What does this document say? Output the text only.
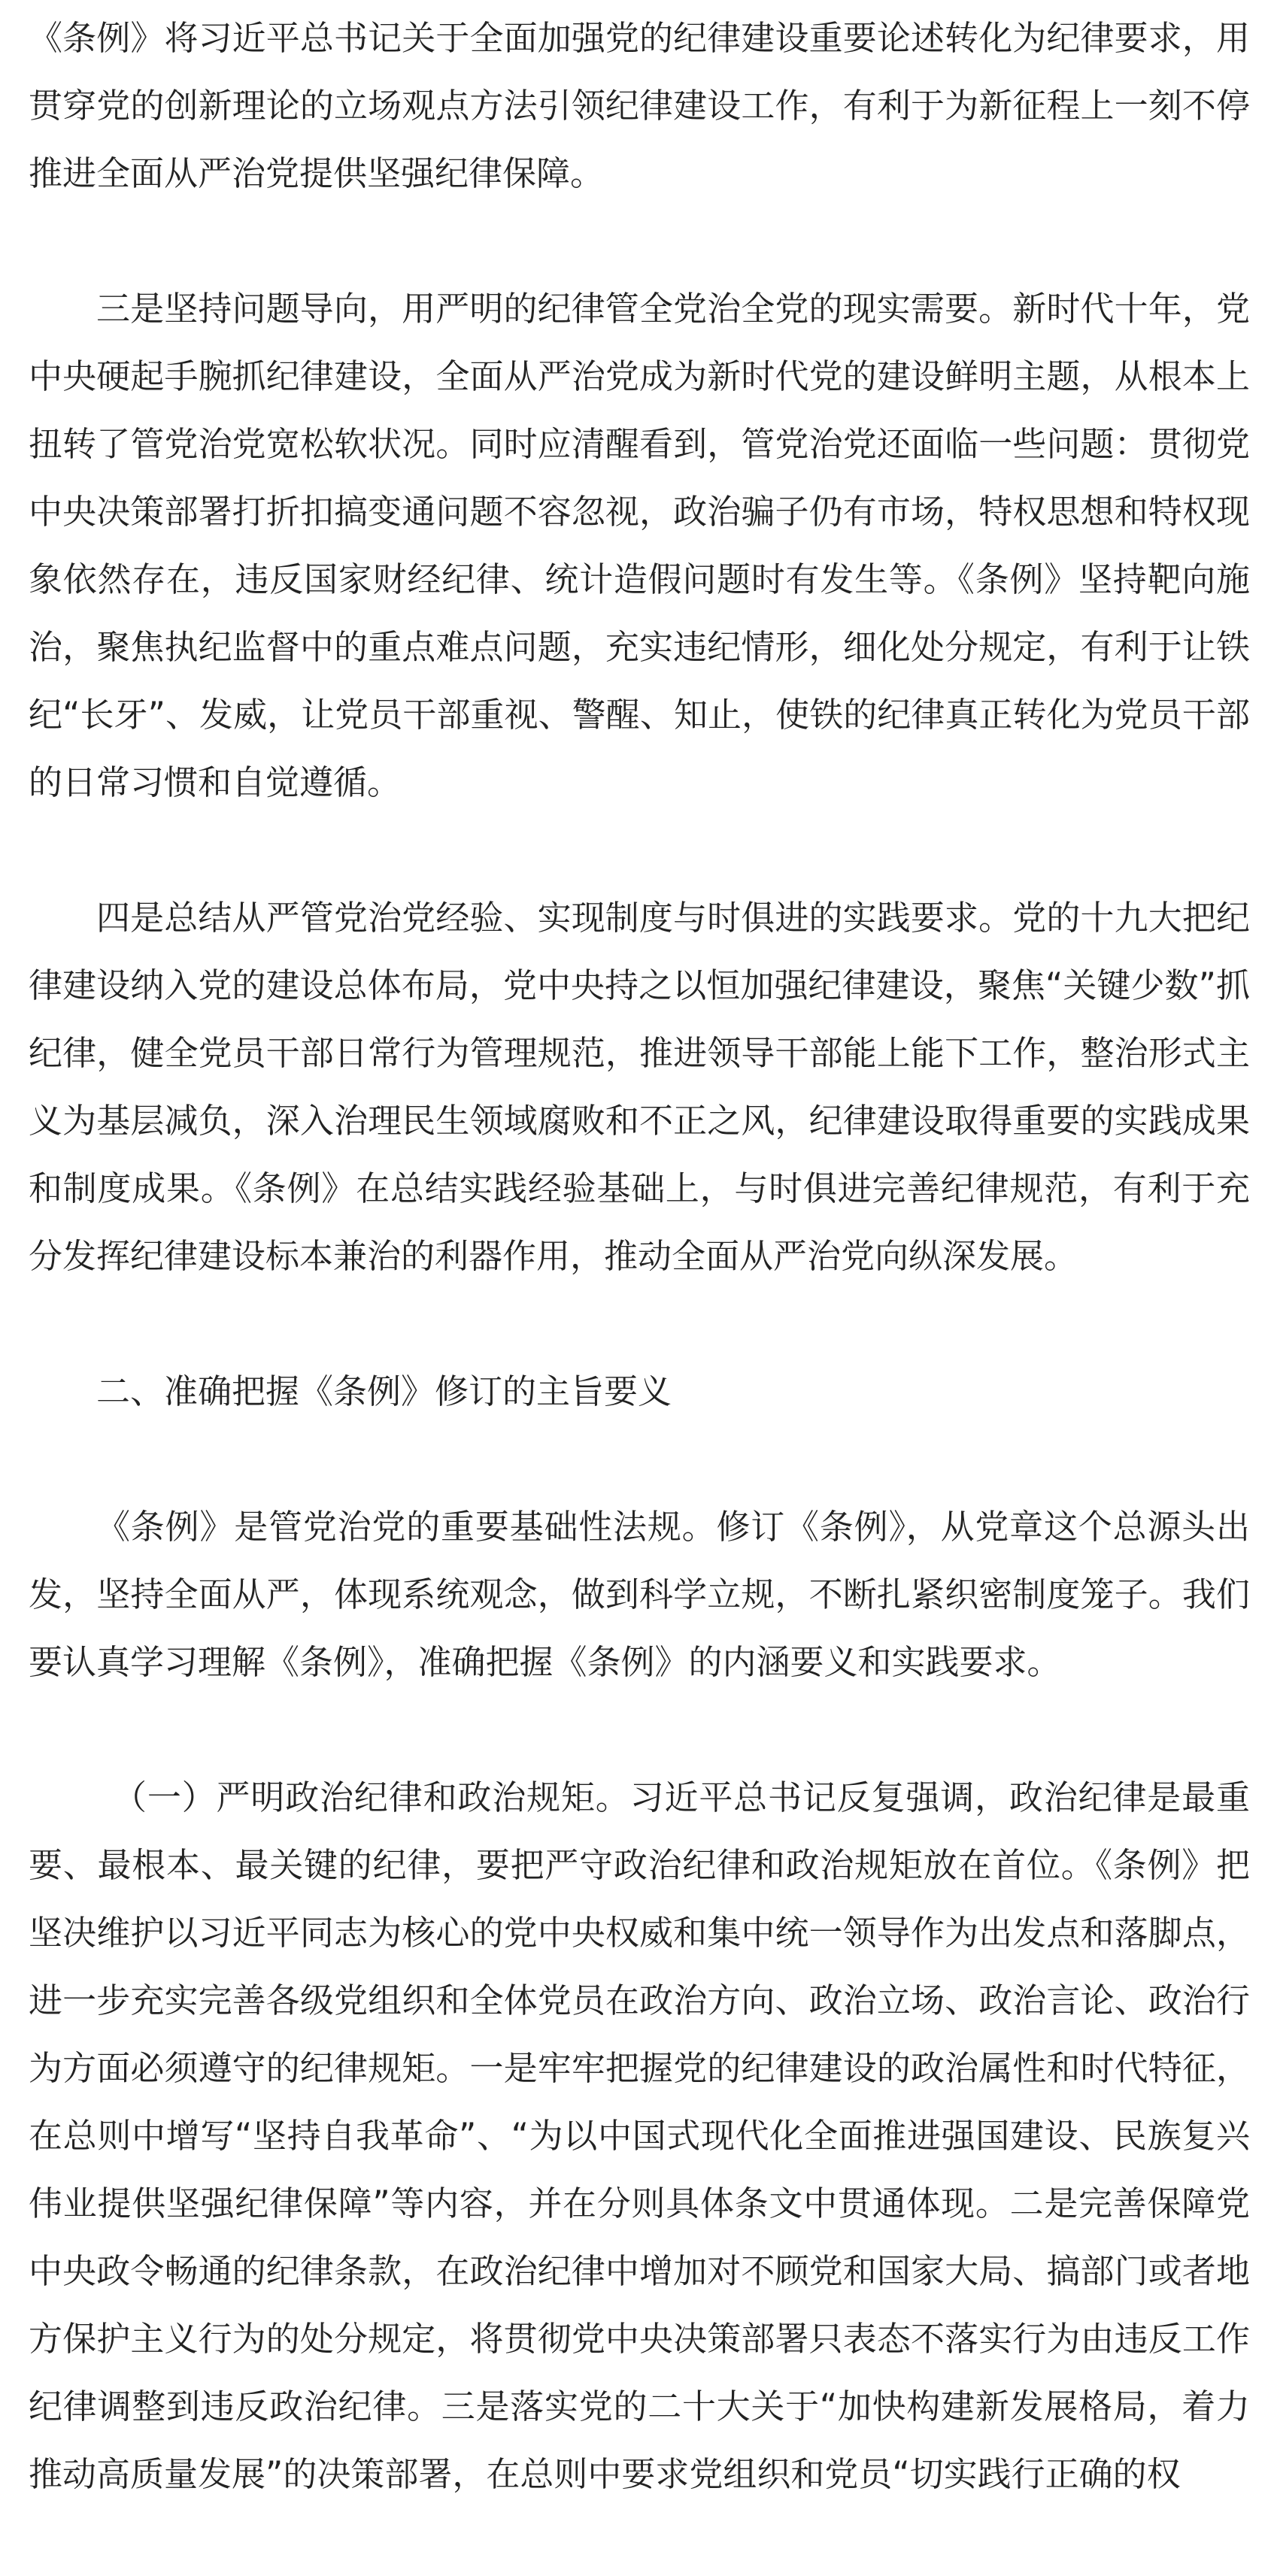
《条例》将习近平总书记关于全面加强党的纪律建设重要论述转化为纪律要求，用贯穿党的创新理论的立场观点方法引领纪律建设工作，有利于为新征程上一刻不停推进全面从严治党提供坚强纪律保障。

三是坚持问题导向，用严明的纪律管全党治全党的现实需要。新时代十年，党中央硬起手腕抓纪律建设，全面从严治党成为新时代党的建设鲜明主题，从根本上扭转了管党治党宽松软状况。同时应清醒看到，管党治党还面临一些问题：贯彻党中央决策部署打折扣搞变通问题不容忽视，政治骗子仍有市场，特权思想和特权现象依然存在，违反国家财经纪律、统计造假问题时有发生等。《条例》坚持靶向施治，聚焦执纪监督中的重点难点问题，充实违纪情形，细化处分规定，有利于让铁纪“长牙”、发威，让党员干部重视、警醒、知止，使铁的纪律真正转化为党员干部的日常习惯和自觉遵循。

四是总结从严管党治党经验、实现制度与时俱进的实践要求。党的十九大把纪律建设纳入党的建设总体布局，党中央持之以恒加强纪律建设，聚焦“关键少数”抓纪律，健全党员干部日常行为管理规范，推进领导干部能上能下工作，整治形式主义为基层减负，深入治理民生领域腐败和不正之风，纪律建设取得重要的实践成果和制度成果。《条例》在总结实践经验基础上，与时俱进完善纪律规范，有利于充分发挥纪律建设标本兼治的利器作用，推动全面从严治党向纵深发展。

二、准确把握《条例》修订的主旨要义

《条例》是管党治党的重要基础性法规。修订《条例》，从党章这个总源头出发，坚持全面从严，体现系统观念，做到科学立规，不断扎紧织密制度笼子。我们要认真学习理解《条例》，准确把握《条例》的内涵要义和实践要求。

（一）严明政治纪律和政治规矩。习近平总书记反复强调，政治纪律是最重要、最根本、最关键的纪律，要把严守政治纪律和政治规矩放在首位。《条例》把坚决维护以习近平同志为核心的党中央权威和集中统一领导作为出发点和落脚点，进一步充实完善各级党组织和全体党员在政治方向、政治立场、政治言论、政治行为方面必须遵守的纪律规矩。一是牢牢把握党的纪律建设的政治属性和时代特征，在总则中增写“坚持自我革命”、“为以中国式现代化全面推进强国建设、民族复兴伟业提供坚强纪律保障”等内容，并在分则具体条文中贯通体现。二是完善保障党中央政令畅通的纪律条款，在政治纪律中增加对不顾党和国家大局、搞部门或者地方保护主义行为的处分规定，将贯彻党中央决策部署只表态不落实行为由违反工作纪律调整到违反政治纪律。三是落实党的二十大关于“加快构建新发展格局，着力推动高质量发展”的决策部署，在总则中要求党组织和党员“切实践行正确的权
